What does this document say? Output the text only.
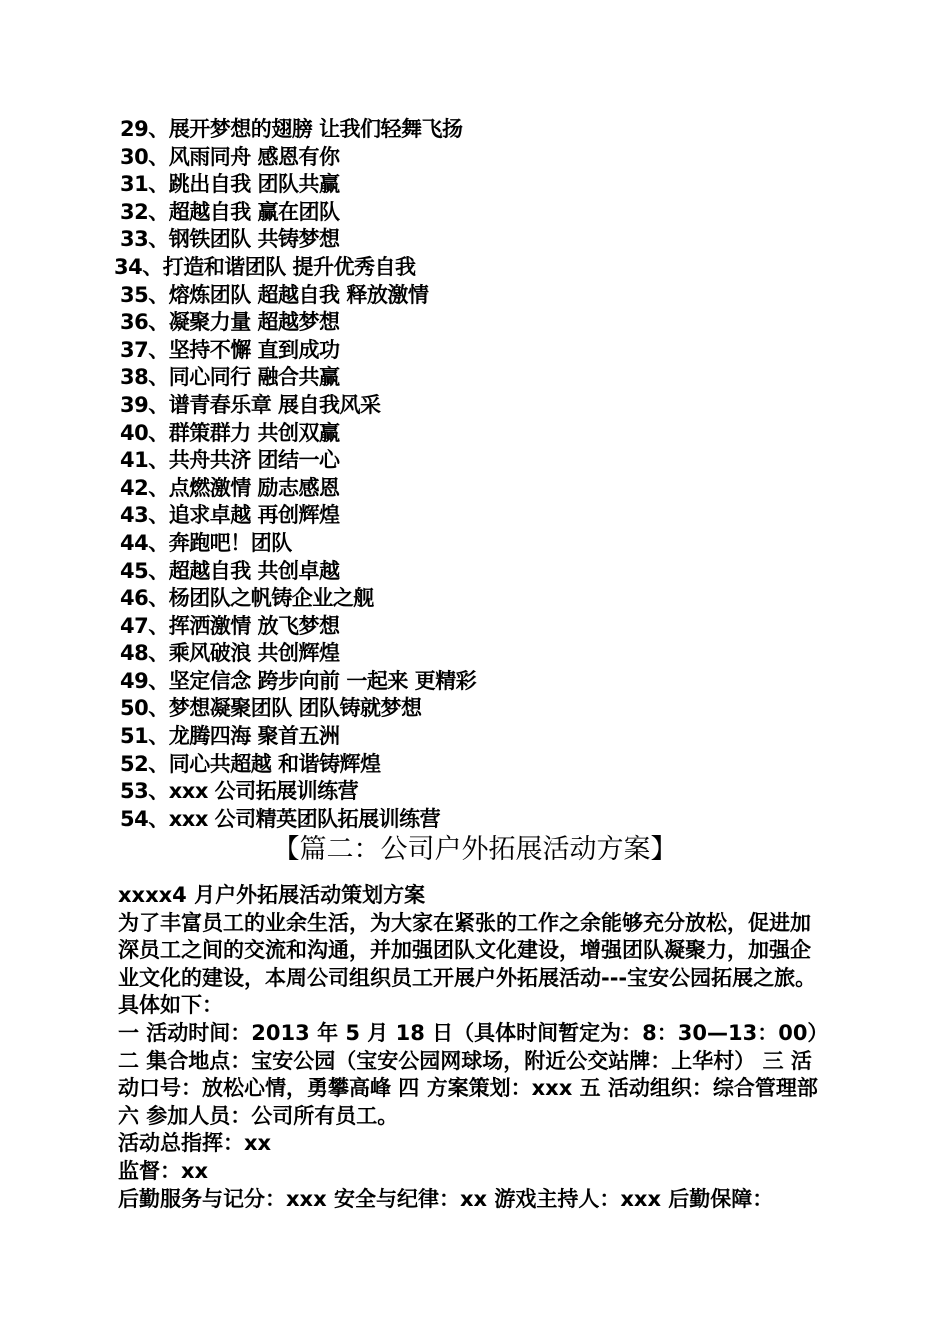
29、展开梦想的翅膀 让我们轻舞飞扬
30、风雨同舟 感恩有你
31、跳出自我 团队共赢
32、超越自我 赢在团队
33、钢铁团队 共铸梦想
34、打造和谐团队 提升优秀自我
35、熔炼团队 超越自我 释放激情
36、凝聚力量 超越梦想
37、坚持不懈 直到成功
38、同心同行 融合共赢
39、谱青春乐章 展自我风采
40、群策群力 共创双赢
41、共舟共济 团结一心
42、点燃激情 励志感恩
43、追求卓越 再创辉煌
44、奔跑吧！团队
45、超越自我 共创卓越
46、杨团队之帆铸企业之舰
47、挥洒激情 放飞梦想
48、乘风破浪 共创辉煌
49、坚定信念 跨步向前 一起来 更精彩
50、梦想凝聚团队 团队铸就梦想
51、龙腾四海 聚首五洲
52、同心共超越 和谐铸辉煌
53、xxx 公司拓展训练营
54、xxx 公司精英团队拓展训练营
【篇二：公司户外拓展活动方案】

xxxx4 月户外拓展活动策划方案

为了丰富员工的业余生活，为大家在紧张的工作之余能够充分放松，促进加深员工之间的交流和沟通，并加强团队文化建设，增强团队凝聚力，加强企业文化的建设，本周公司组织员工开展户外拓展活动---宝安公园拓展之旅。具体如下：

一 活动时间：2013 年 5 月 18 日（具体时间暂定为：8：30—13：00） 二 集合地点：宝安公园（宝安公园网球场，附近公交站牌：上华村） 三 活动口号：放松心情，勇攀高峰 四 方案策划：xxx 五 活动组织：综合管理部 六 参加人员：公司所有员工。

活动总指挥：xx

监督：xx

后勤服务与记分：xxx 安全与纪律：xx 游戏主持人：xxx 后勤保障：
